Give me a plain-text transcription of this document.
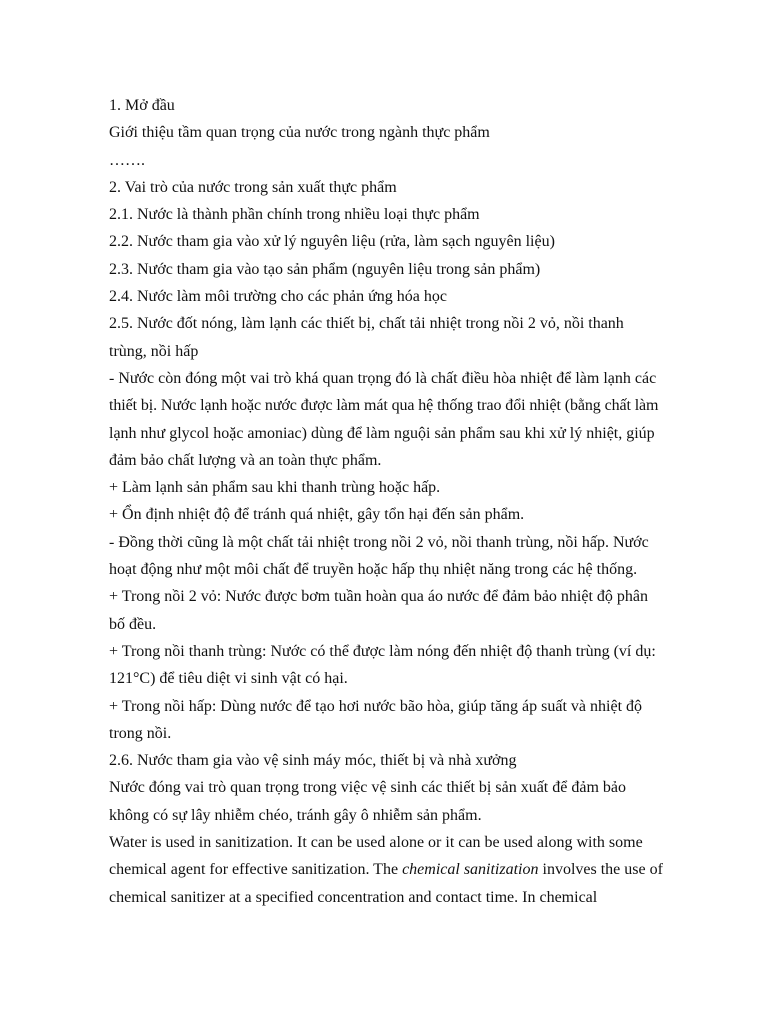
1. Mở đầu

Giới thiệu tầm quan trọng của nước trong ngành thực phẩm

…….

2. Vai trò của nước trong sản xuất thực phẩm

2.1. Nước là thành phần chính trong nhiều loại thực phẩm

2.2. Nước tham gia vào xử lý nguyên liệu (rửa, làm sạch nguyên liệu)

2.3. Nước tham gia vào tạo sản phẩm (nguyên liệu trong sản phẩm)

2.4. Nước làm môi trường cho các phản ứng hóa học

2.5. Nước đốt nóng, làm lạnh các thiết bị, chất tải nhiệt trong nồi 2 vỏ, nồi thanh

trùng, nồi hấp

- Nước còn đóng một vai trò khá quan trọng đó là chất điều hòa nhiệt để làm lạnh các

thiết bị. Nước lạnh hoặc nước được làm mát qua hệ thống trao đổi nhiệt (bằng chất làm

lạnh như glycol hoặc amoniac) dùng để làm nguội sản phẩm sau khi xử lý nhiệt, giúp

đảm bảo chất lượng và an toàn thực phẩm.

+ Làm lạnh sản phẩm sau khi thanh trùng hoặc hấp.

+ Ổn định nhiệt độ để tránh quá nhiệt, gây tổn hại đến sản phẩm.

- Đồng thời cũng là một chất tải nhiệt trong nồi 2 vỏ, nồi thanh trùng, nồi hấp. Nước

hoạt động như một môi chất để truyền hoặc hấp thụ nhiệt năng trong các hệ thống.

+ Trong nồi 2 vỏ: Nước được bơm tuần hoàn qua áo nước để đảm bảo nhiệt độ phân

bố đều.

+ Trong nồi thanh trùng: Nước có thể được làm nóng đến nhiệt độ thanh trùng (ví dụ:

121°C) để tiêu diệt vi sinh vật có hại.

+ Trong nồi hấp: Dùng nước để tạo hơi nước bão hòa, giúp tăng áp suất và nhiệt độ

trong nồi.

2.6. Nước tham gia vào vệ sinh máy móc, thiết bị và nhà xưởng

Nước đóng vai trò quan trọng trong việc vệ sinh các thiết bị sản xuất để đảm bảo

không có sự lây nhiễm chéo, tránh gây ô nhiễm sản phẩm.

Water is used in sanitization. It can be used alone or it can be used along with some

chemical agent for effective sanitization. The chemical sanitization involves the use of

chemical sanitizer at a specified concentration and contact time. In chemical
